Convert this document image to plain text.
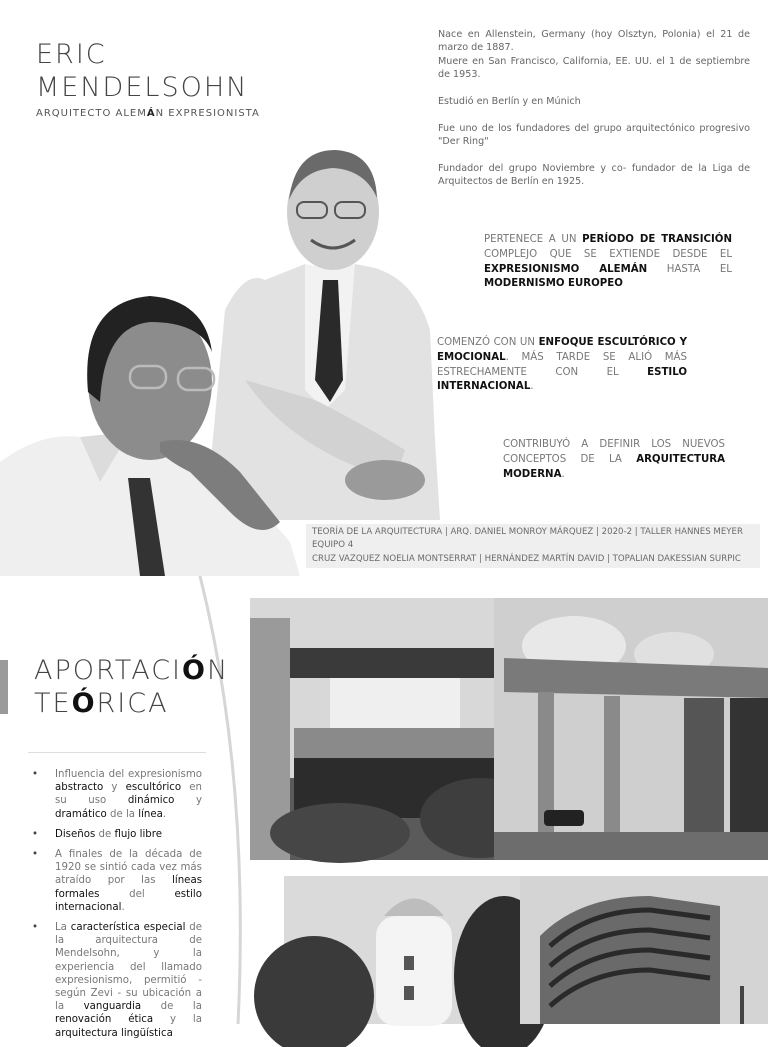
ERIC
MENDELSOHN
ARQUITECTO ALEMÁN EXPRESIONISTA

Nace en Allenstein, Germany (hoy Olsztyn, Polonia) el 21 de marzo de 1887.
Muere en San Francisco, California, EE. UU. el 1 de septiembre de 1953.

Estudió en Berlín y en Múnich

Fue uno de los fundadores del grupo arquitectónico progresivo "Der Ring"

Fundador del grupo Noviembre y co- fundador de la Liga de Arquitectos de Berlín en 1925.

PERTENECE A UN PERÍODO DE TRANSICIÓN COMPLEJO QUE SE EXTIENDE DESDE EL EXPRESIONISMO ALEMÁN HASTA EL MODERNISMO EUROPEO
COMENZÓ CON UN ENFOQUE ESCULTÓRICO Y EMOCIONAL. MÁS TARDE SE ALIÓ MÁS ESTRECHAMENTE CON EL ESTILO INTERNACIONAL.
CONTRIBUYÓ A DEFINIR LOS NUEVOS CONCEPTOS DE LA ARQUITECTURA MODERNA.
TEORÍA DE LA ARQUITECTURA | ARQ. DANIEL MONROY MÁRQUEZ | 2020-2 | TALLER HANNES MEYER
EQUIPO 4
CRUZ VAZQUEZ NOELIA MONTSERRAT | HERNÁNDEZ MARTÍN DAVID | TOPALIAN DAKESSIAN SURPIC
APORTACIÓN
TEÓRICA
• Influencia del expresionismo abstracto y escultórico en su uso dinámico y dramático de la línea.
• Diseños de flujo libre
• A finales de la década de 1920 se sintió cada vez más atraído por las líneas formales del estilo internacional.
• La característica especial de la arquitectura de Mendelsohn, y la experiencia del llamado expresionismo, permitió - según Zevi - su ubicación a la vanguardia de la renovación ética y la arquitectura lingüística
